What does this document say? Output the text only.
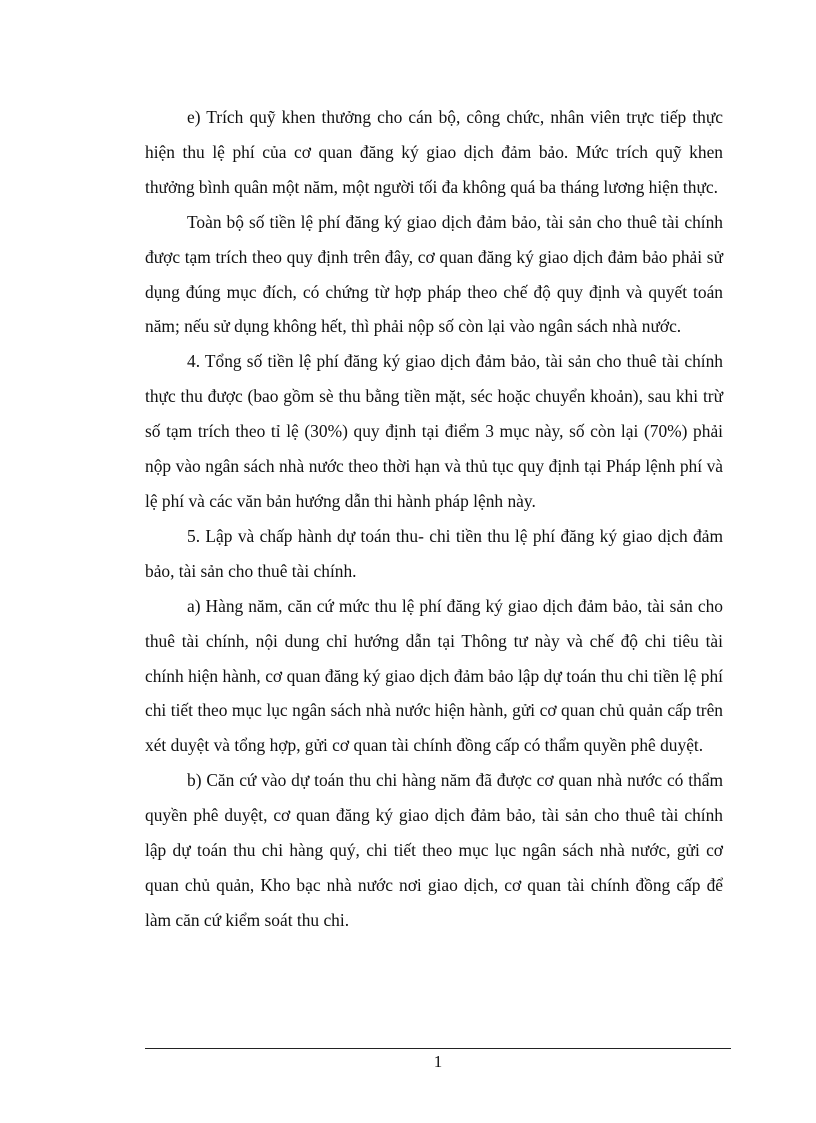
e) Trích quỹ khen thưởng cho cán bộ, công chức, nhân viên trực tiếp thực hiện thu lệ phí của cơ quan đăng ký giao dịch đảm bảo. Mức trích quỹ khen thưởng bình quân một năm, một người tối đa không quá ba tháng lương hiện thực.

Toàn bộ số tiền lệ phí đăng ký giao dịch đảm bảo, tài sản cho thuê tài chính được tạm trích theo quy định trên đây, cơ quan đăng ký giao dịch đảm bảo phải sử dụng đúng mục đích, có chứng từ hợp pháp theo chế độ quy định và quyết toán năm; nếu sử dụng không hết, thì phải nộp số còn lại vào ngân sách nhà nước.

4. Tổng số tiền lệ phí đăng ký giao dịch đảm bảo, tài sản cho thuê tài chính thực thu được (bao gồm sè thu bằng tiền mặt, séc hoặc chuyển khoản), sau khi trừ số tạm trích theo tỉ lệ (30%) quy định tại điểm 3 mục này, số còn lại (70%) phải nộp vào ngân sách nhà nước theo thời hạn và thủ tục quy định tại Pháp lệnh phí và lệ phí và các văn bản hướng dẫn thi hành pháp lệnh này.

5. Lập và chấp hành dự toán thu- chi tiền thu lệ phí đăng ký giao dịch đảm bảo, tài sản cho thuê tài chính.

a) Hàng năm, căn cứ mức thu lệ phí đăng ký giao dịch đảm bảo, tài sản cho thuê tài chính, nội dung chỉ hướng dẫn tại Thông tư này và chế độ chi tiêu tài chính hiện hành, cơ quan đăng ký giao dịch đảm bảo lập dự toán thu chi tiền lệ phí chi tiết theo mục lục ngân sách nhà nước hiện hành, gửi cơ quan chủ quản cấp trên xét duyệt và tổng hợp, gửi cơ quan tài chính đồng cấp có thẩm quyền phê duyệt.

b) Căn cứ vào dự toán thu chi hàng năm đã được cơ quan nhà nước có thẩm quyền phê duyệt, cơ quan đăng ký giao dịch đảm bảo, tài sản cho thuê tài chính lập dự toán thu chi hàng quý, chi tiết theo mục lục ngân sách nhà nước, gửi cơ quan chủ quản, Kho bạc nhà nước nơi giao dịch, cơ quan tài chính đồng cấp để làm căn cứ kiểm soát thu chi.

1
